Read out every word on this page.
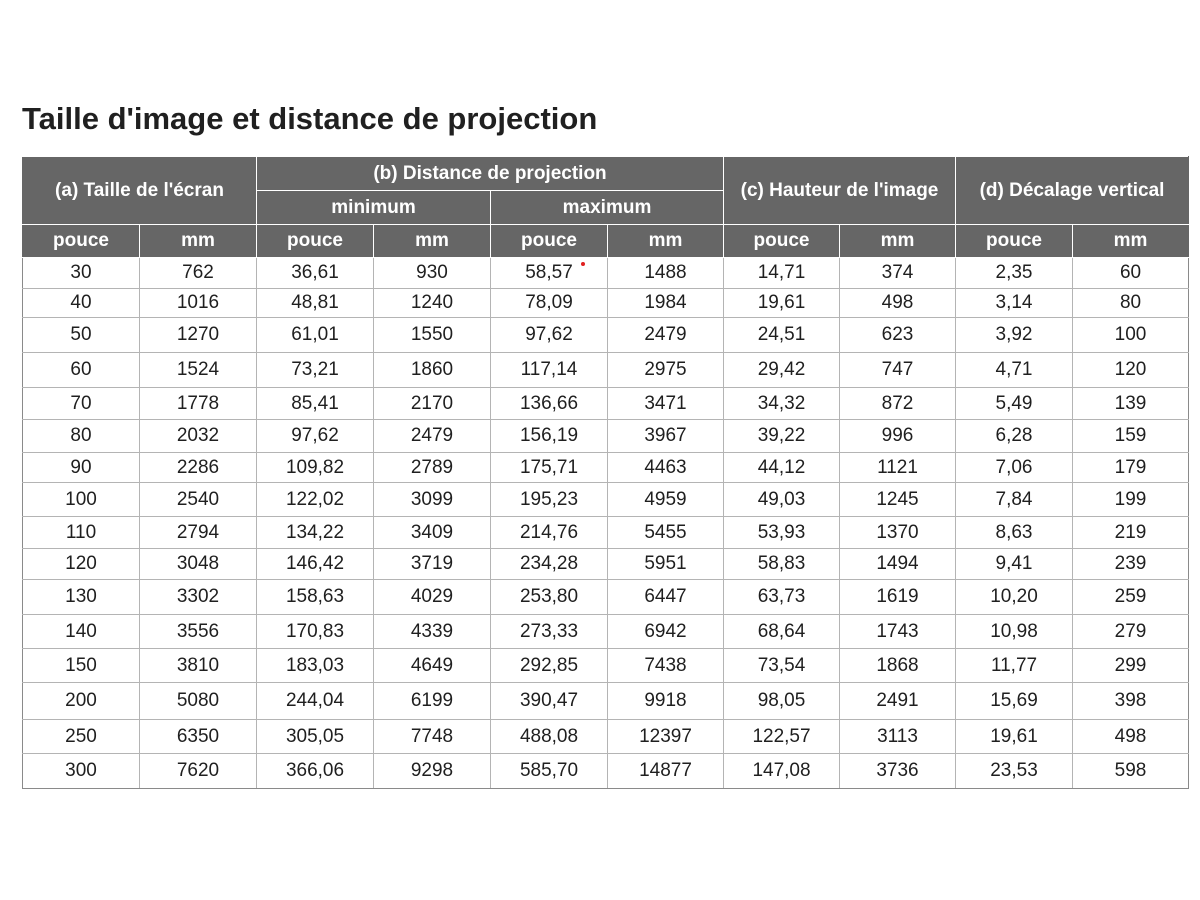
Taille d'image et distance de projection
(a) Taille de l'écran		(b) Distance de projection				(c) Hauteur de l'image		(d) Décalage vertical	
		minimum		maximum					
pouce	mm	pouce	mm	pouce	mm	pouce	mm	pouce	mm
30	762	36,61	930	58,57	1488	14,71	374	2,35	60
40	1016	48,81	1240	78,09	1984	19,61	498	3,14	80
50	1270	61,01	1550	97,62	2479	24,51	623	3,92	100
60	1524	73,21	1860	117,14	2975	29,42	747	4,71	120
70	1778	85,41	2170	136,66	3471	34,32	872	5,49	139
80	2032	97,62	2479	156,19	3967	39,22	996	6,28	159
90	2286	109,82	2789	175,71	4463	44,12	1121	7,06	179
100	2540	122,02	3099	195,23	4959	49,03	1245	7,84	199
110	2794	134,22	3409	214,76	5455	53,93	1370	8,63	219
120	3048	146,42	3719	234,28	5951	58,83	1494	9,41	239
130	3302	158,63	4029	253,80	6447	63,73	1619	10,20	259
140	3556	170,83	4339	273,33	6942	68,64	1743	10,98	279
150	3810	183,03	4649	292,85	7438	73,54	1868	11,77	299
200	5080	244,04	6199	390,47	9918	98,05	2491	15,69	398
250	6350	305,05	7748	488,08	12397	122,57	3113	19,61	498
300	7620	366,06	9298	585,70	14877	147,08	3736	23,53	598
